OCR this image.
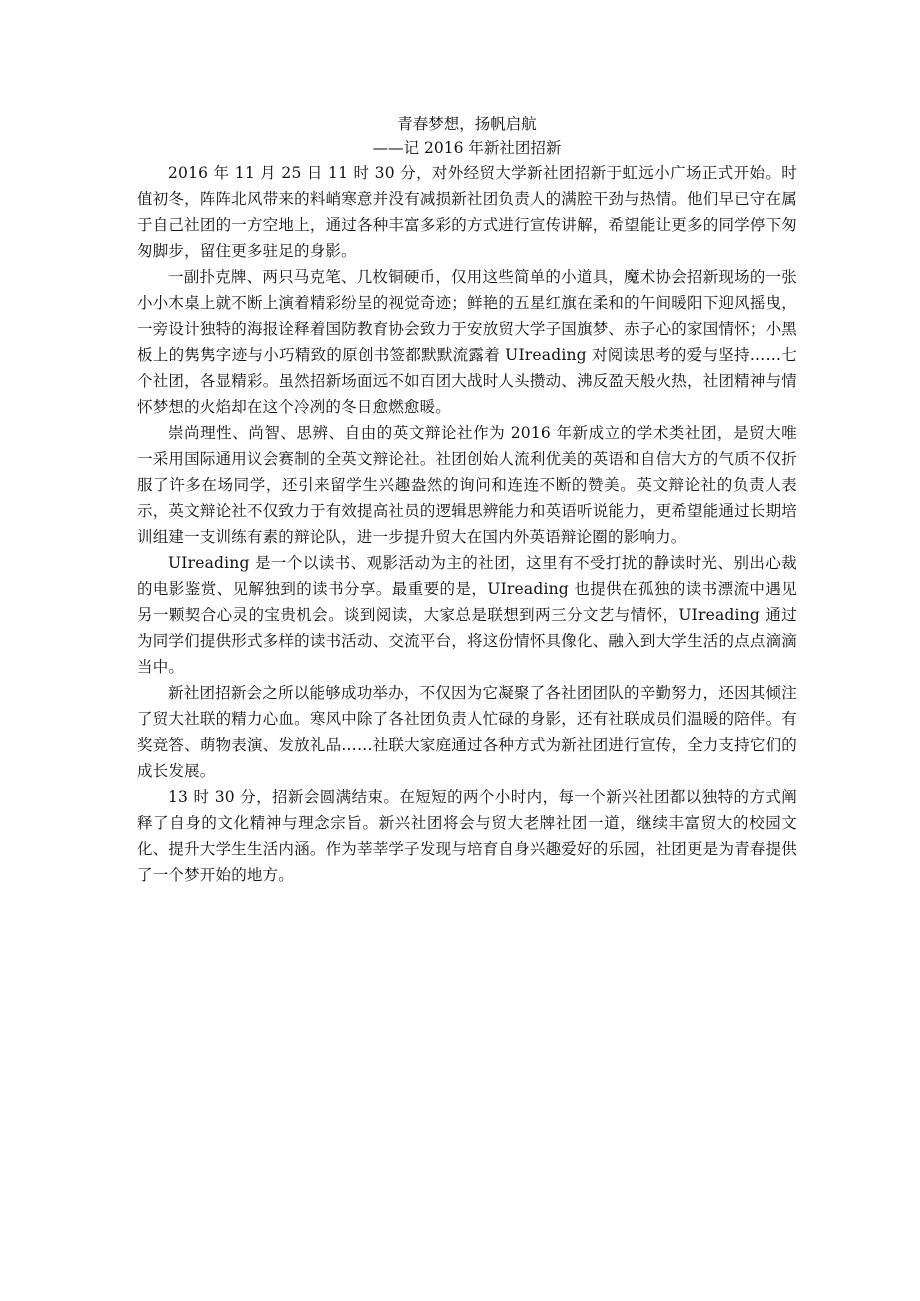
青春梦想，扬帆启航

——记 2016 年新社团招新

2016 年 11 月 25 日 11 时 30 分，对外经贸大学新社团招新于虹远小广场正式开始。时值初冬，阵阵北风带来的料峭寒意并没有减损新社团负责人的满腔干劲与热情。他们早已守在属于自己社团的一方空地上，通过各种丰富多彩的方式进行宣传讲解，希望能让更多的同学停下匆匆脚步，留住更多驻足的身影。

一副扑克牌、两只马克笔、几枚铜硬币，仅用这些简单的小道具，魔术协会招新现场的一张小小木桌上就不断上演着精彩纷呈的视觉奇迹；鲜艳的五星红旗在柔和的午间暖阳下迎风摇曳，一旁设计独特的海报诠释着国防教育协会致力于安放贸大学子国旗梦、赤子心的家国情怀；小黑板上的隽隽字迹与小巧精致的原创书签都默默流露着 UIreading 对阅读思考的爱与坚持……七个社团，各显精彩。虽然招新场面远不如百团大战时人头攒动、沸反盈天般火热，社团精神与情怀梦想的火焰却在这个冷冽的冬日愈燃愈暖。

崇尚理性、尚智、思辨、自由的英文辩论社作为 2016 年新成立的学术类社团，是贸大唯一采用国际通用议会赛制的全英文辩论社。社团创始人流利优美的英语和自信大方的气质不仅折服了许多在场同学，还引来留学生兴趣盎然的询问和连连不断的赞美。英文辩论社的负责人表示，英文辩论社不仅致力于有效提高社员的逻辑思辨能力和英语听说能力，更希望能通过长期培训组建一支训练有素的辩论队，进一步提升贸大在国内外英语辩论圈的影响力。

UIreading 是一个以读书、观影活动为主的社团，这里有不受打扰的静读时光、别出心裁的电影鉴赏、见解独到的读书分享。最重要的是，UIreading 也提供在孤独的读书漂流中遇见另一颗契合心灵的宝贵机会。谈到阅读，大家总是联想到两三分文艺与情怀，UIreading 通过为同学们提供形式多样的读书活动、交流平台，将这份情怀具像化、融入到大学生活的点点滴滴当中。

新社团招新会之所以能够成功举办，不仅因为它凝聚了各社团团队的辛勤努力，还因其倾注了贸大社联的精力心血。寒风中除了各社团负责人忙碌的身影，还有社联成员们温暖的陪伴。有奖竞答、萌物表演、发放礼品……社联大家庭通过各种方式为新社团进行宣传，全力支持它们的成长发展。

13 时 30 分，招新会圆满结束。在短短的两个小时内，每一个新兴社团都以独特的方式阐释了自身的文化精神与理念宗旨。新兴社团将会与贸大老牌社团一道，继续丰富贸大的校园文化、提升大学生生活内涵。作为莘莘学子发现与培育自身兴趣爱好的乐园，社团更是为青春提供了一个梦开始的地方。
